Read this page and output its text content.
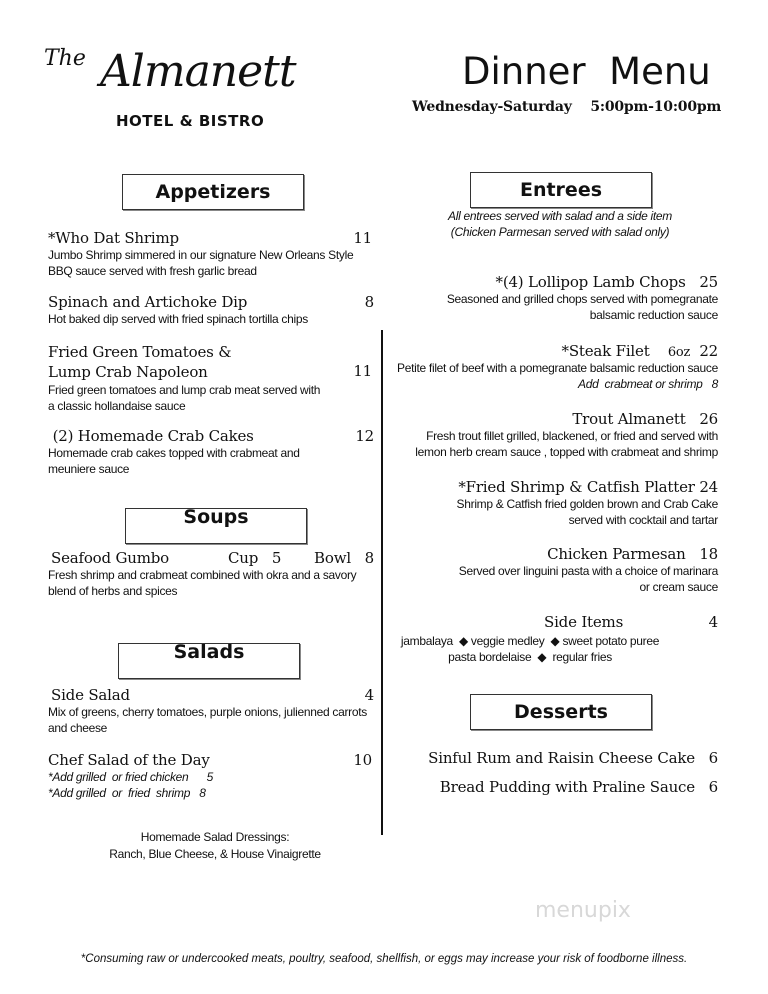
The Almanett
HOTEL & BISTRO
Dinner  Menu
Wednesday-Saturday    5:00pm-10:00pm
Appetizers	Entrees
Soups
Salads
Desserts
All entrees served with salad and a side item
(Chicken Parmesan served with salad only)
*Who Dat Shrimp	11
Jumbo Shrimp simmered in our signature New Orleans Style
BBQ sauce served with fresh garlic bread
Spinach and Artichoke Dip	8
Hot baked dip served with fried spinach tortilla chips
Fried Green Tomatoes &
Lump Crab Napoleon	11
Fried green tomatoes and lump crab meat served with
a classic hollandaise sauce
(2) Homemade Crab Cakes	12
Homemade crab cakes topped with crabmeat and
meuniere sauce
Seafood Gumbo	Cup   5 Bowl   8
Fresh shrimp and crabmeat combined with okra and a savory
blend of herbs and spices
Side Salad	4
Mix of greens, cherry tomatoes, purple onions, julienned carrots
and cheese
Chef Salad of the Day	10
*Add grilled  or fried chicken      5
*Add grilled  or  fried  shrimp   8
Homemade Salad Dressings:
Ranch, Blue Cheese, & House Vinaigrette
*(4) Lollipop Lamb Chops 25
Seasoned and grilled chops served with pomegranate
balsamic reduction sauce
*Steak Filet 6oz 22
Petite filet of beef with a pomegranate balsamic reduction sauce
Add  crabmeat or shrimp   8
Trout Almanett 26
Fresh trout fillet grilled, blackened, or fried and served with
lemon herb cream sauce , topped with crabmeat and shrimp
*Fried Shrimp & Catfish Platter 24
Shrimp & Catfish fried golden brown and Crab Cake
served with cocktail and tartar
Chicken Parmesan 18
Served over linguini pasta with a choice of marinara
or cream sauce
Side Items	4
jambalaya  ◆ veggie medley  ◆ sweet potato puree
pasta bordelaise  ◆  regular fries
Sinful Rum and Raisin Cheese Cake 6
Bread Pudding with Praline Sauce 6
menupix
*Consuming raw or undercooked meats, poultry, seafood, shellfish, or eggs may increase your risk of foodborne illness.
